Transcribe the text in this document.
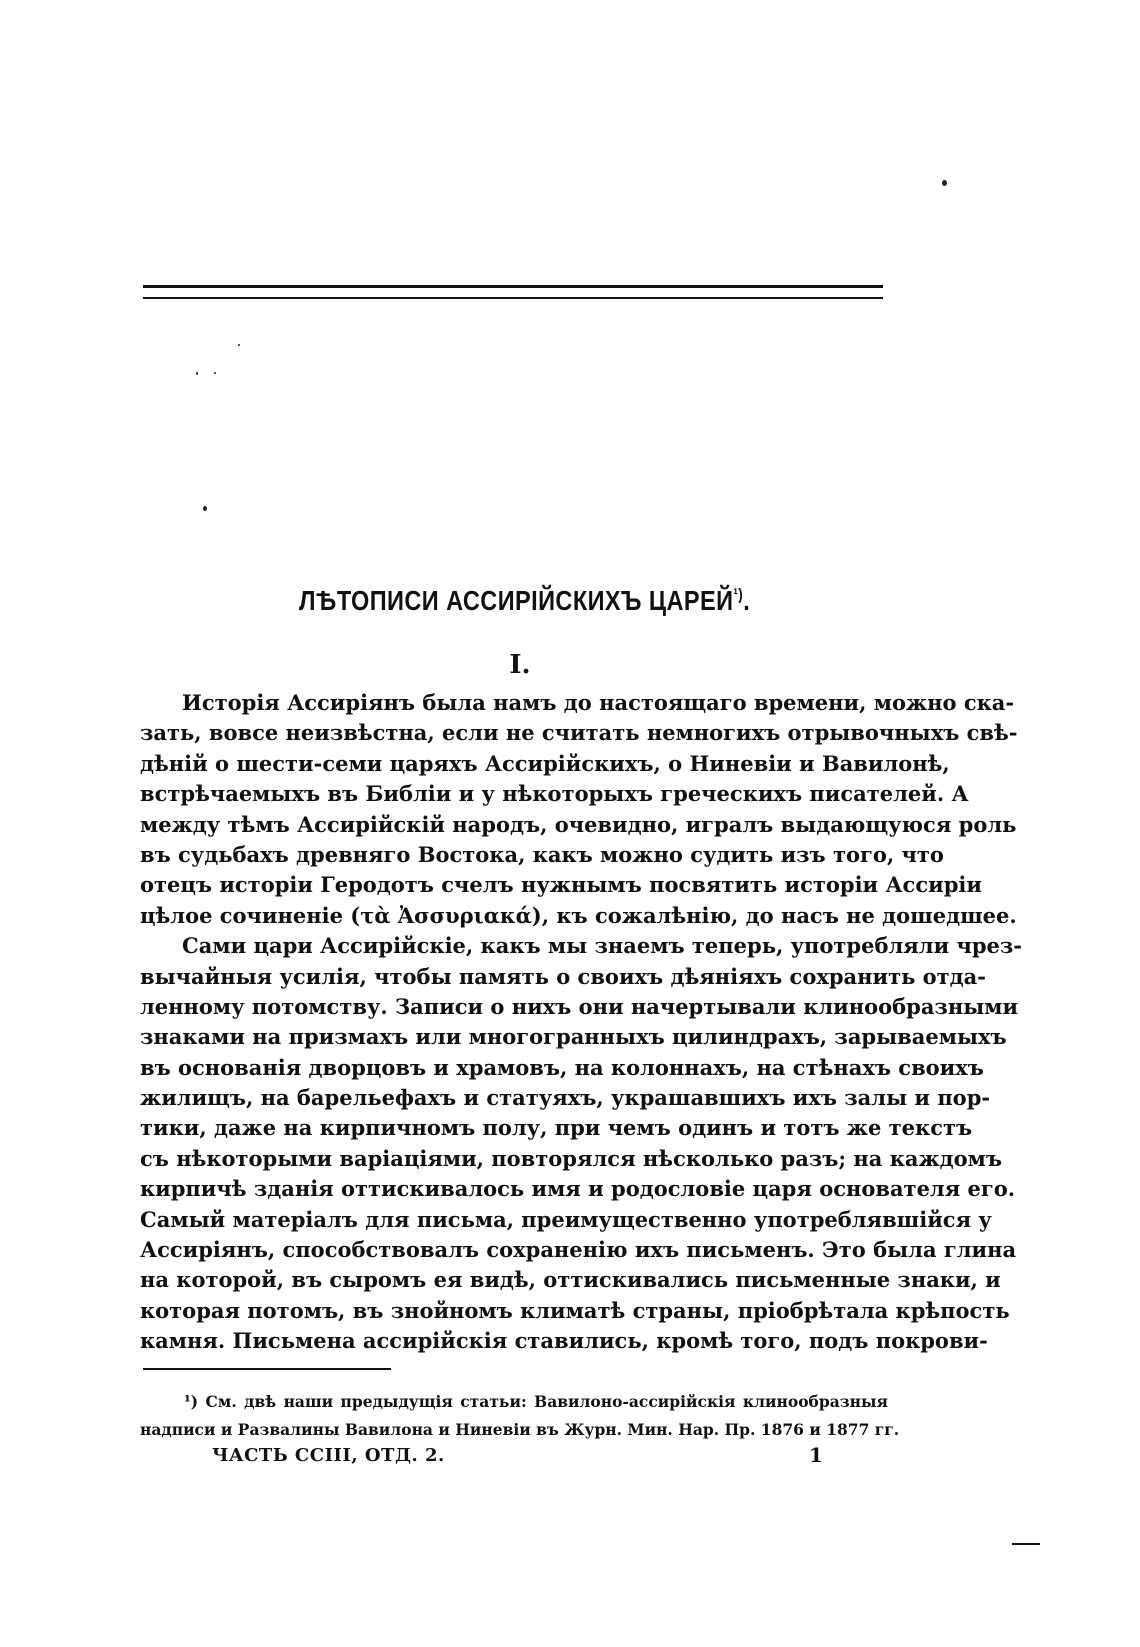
ЛѢТОПИСИ АССИРІЙСКИХЪ $ЦАРЕЙ^{^1)}$.
I.
Исторія Ассиріянъ была намъ до настоящаго времени, можно ска-
зать, вовсе неизвѣстна, если не считать немногихъ отрывочныхъ свѣ-
дѣній о шести-семи царяхъ Ассирійскихъ, о Ниневіи и Вавилонѣ,
встрѣчаемыхъ въ Библіи и у нѣкоторыхъ греческихъ писателей. А
между тѣмъ Ассирійскій народъ, очевидно, игралъ выдающуюся роль
въ судьбахъ древняго Востока, какъ можно судить изъ того, что
отецъ исторіи Геродотъ счелъ нужнымъ посвятить исторіи Ассиріи
цѣлое сочиненіе (τὰ Ἀσσυριακά), къ сожалѣнію, до насъ не дошедшее.
Сами цари Ассирійскіе, какъ мы знаемъ теперь, употребляли чрез-
вычайныя усилія, чтобы память о своихъ дѣяніяхъ сохранить отда-
ленному потомству. Записи о нихъ они начертывали клинообразными
знаками на призмахъ или многогранныхъ цилиндрахъ, зарываемыхъ
въ основанія дворцовъ и храмовъ, на колоннахъ, на стѣнахъ своихъ
жилищъ, на барельефахъ и статуяхъ, украшавшихъ ихъ залы и пор-
тики, даже на кирпичномъ полу, при чемъ одинъ и тотъ же текстъ
съ нѣкоторыми варіаціями, повторялся нѣсколько разъ; на каждомъ
кирпичѣ зданія оттискивалось имя и родословіе царя основателя его.
Самый матеріалъ для письма, преимущественно употреблявшійся у
Ассиріянъ, способствовалъ сохраненію ихъ письменъ. Это была глина
на которой, въ сыромъ ея видѣ, оттискивались письменные знаки, и
которая потомъ, въ знойномъ климатѣ страны, пріобрѣтала крѣпость
камня. Письмена ассирійскія ставились, кромѣ того, подъ покрови-
¹) См. двѣ наши предыдущія статьи: Вавилоно-ассирійскія клинообразныя
надписи и Развалины Вавилона и Ниневіи въ Журн. Мин. Нар. Пр. 1876 и 1877 гг.
ЧАСТЬ ССIII, ОТД. 2.	1
